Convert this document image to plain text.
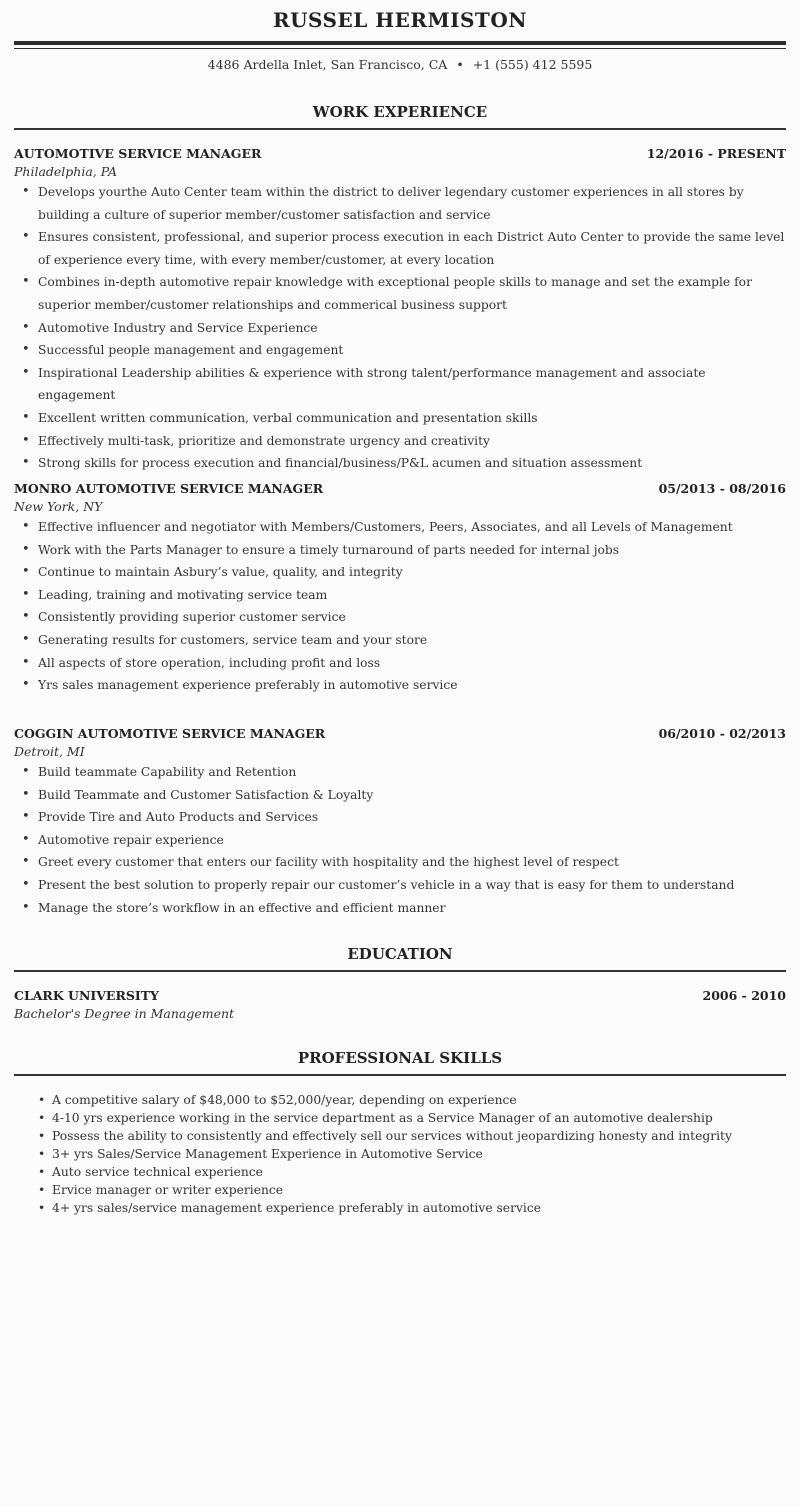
RUSSEL HERMISTON
4486 Ardella Inlet, San Francisco, CA • +1 (555) 412 5595
WORK EXPERIENCE
AUTOMOTIVE SERVICE MANAGER	12/2016 - PRESENT
Philadelphia, PA
• Develops yourthe Auto Center team within the district to deliver legendary customer experiences in all stores by building a culture of superior member/customer satisfaction and service
• Ensures consistent, professional, and superior process execution in each District Auto Center to provide the same level of experience every time, with every member/customer, at every location
• Combines in-depth automotive repair knowledge with exceptional people skills to manage and set the example for superior member/customer relationships and commerical business support
• Automotive Industry and Service Experience
• Successful people management and engagement
• Inspirational Leadership abilities & experience with strong talent/performance management and associate engagement
• Excellent written communication, verbal communication and presentation skills
• Effectively multi-task, prioritize and demonstrate urgency and creativity
• Strong skills for process execution and financial/business/P&L acumen and situation assessment
MONRO AUTOMOTIVE SERVICE MANAGER	05/2013 - 08/2016
New York, NY
• Effective influencer and negotiator with Members/Customers, Peers, Associates, and all Levels of Management
• Work with the Parts Manager to ensure a timely turnaround of parts needed for internal jobs
• Continue to maintain Asbury’s value, quality, and integrity
• Leading, training and motivating service team
• Consistently providing superior customer service
• Generating results for customers, service team and your store
• All aspects of store operation, including profit and loss
• Yrs sales management experience preferably in automotive service
COGGIN AUTOMOTIVE SERVICE MANAGER	06/2010 - 02/2013
Detroit, MI
• Build teammate Capability and Retention
• Build Teammate and Customer Satisfaction & Loyalty
• Provide Tire and Auto Products and Services
• Automotive repair experience
• Greet every customer that enters our facility with hospitality and the highest level of respect
• Present the best solution to properly repair our customer’s vehicle in a way that is easy for them to understand
• Manage the store’s workflow in an effective and efficient manner
EDUCATION
CLARK UNIVERSITY	2006 - 2010
Bachelor's Degree in Management
PROFESSIONAL SKILLS
• A competitive salary of $48,000 to $52,000/year, depending on experience
• 4-10 yrs experience working in the service department as a Service Manager of an automotive dealership
• Possess the ability to consistently and effectively sell our services without jeopardizing honesty and integrity
• 3+ yrs Sales/Service Management Experience in Automotive Service
• Auto service technical experience
• Ervice manager or writer experience
• 4+ yrs sales/service management experience preferably in automotive service
